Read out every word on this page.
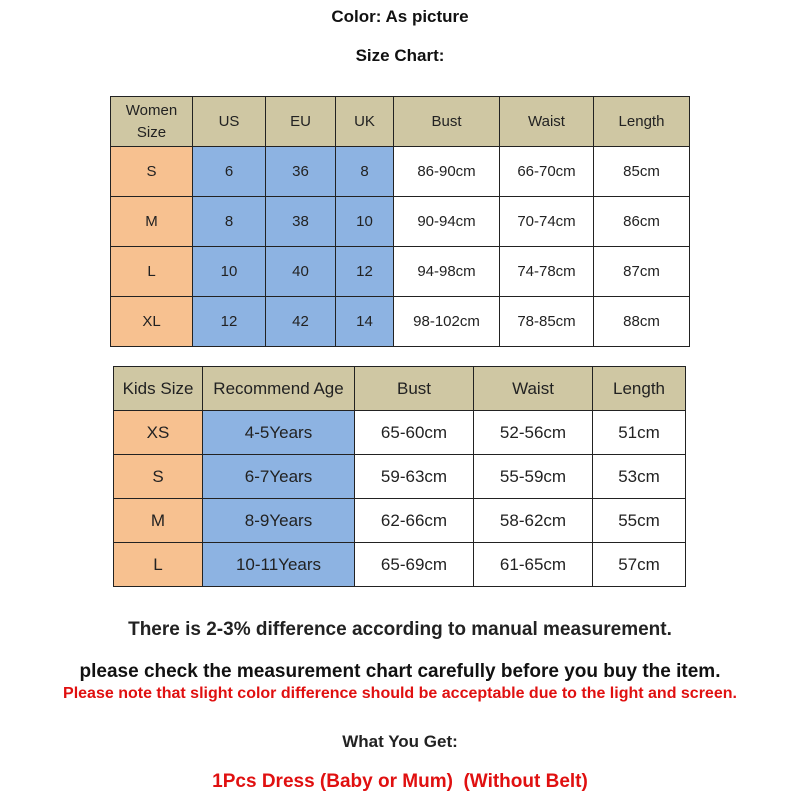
Color: As picture
Size Chart:
Women Size	US	EU	UK	Bust	Waist	Length
S	6	36	8	86-90cm	66-70cm	85cm
M	8	38	10	90-94cm	70-74cm	86cm
L	10	40	12	94-98cm	74-78cm	87cm
XL	12	42	14	98-102cm	78-85cm	88cm
Kids Size	Recommend Age	Bust	Waist	Length
XS	4-5Years	65-60cm	52-56cm	51cm
S	6-7Years	59-63cm	55-59cm	53cm
M	8-9Years	62-66cm	58-62cm	55cm
L	10-11Years	65-69cm	61-65cm	57cm
There is 2-3% difference according to manual measurement.
please check the measurement chart carefully before you buy the item.
Please note that slight color difference should be acceptable due to the light and screen.
What You Get:
1Pcs Dress (Baby or Mum)  (Without Belt)
